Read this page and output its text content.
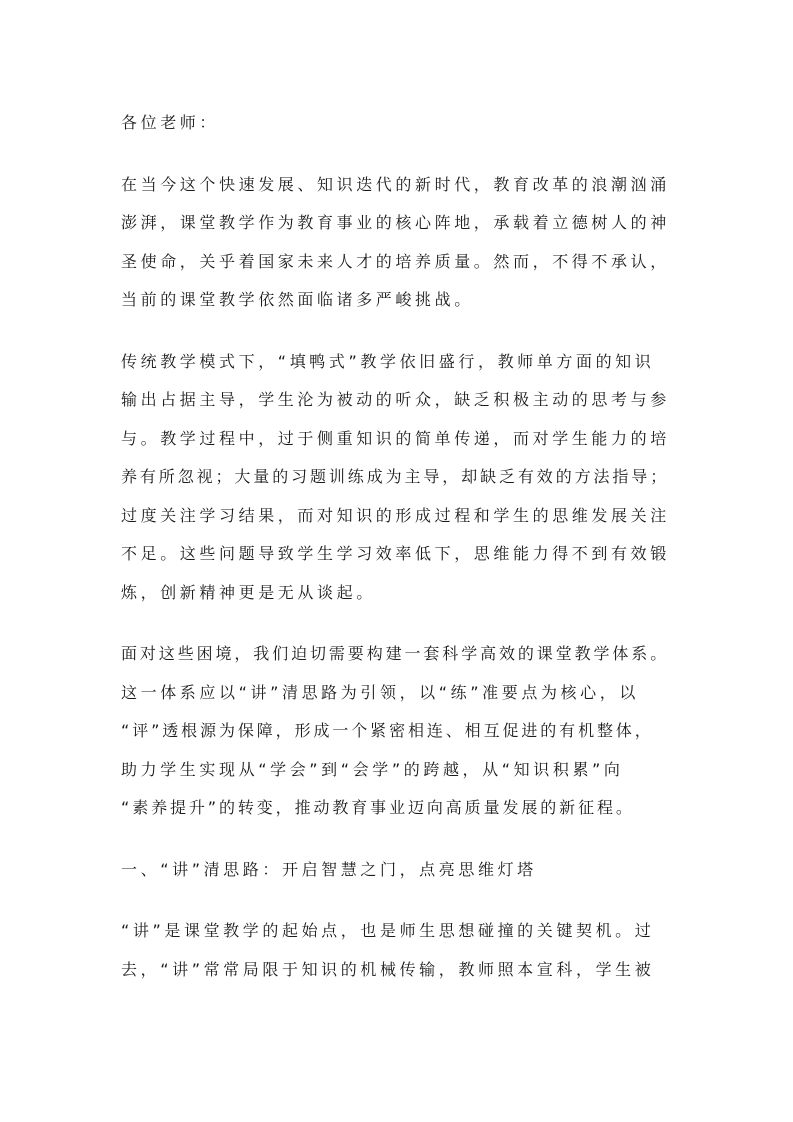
各位老师：
在当今这个快速发展、知识迭代的新时代，教育改革的浪潮汹涌
澎湃，课堂教学作为教育事业的核心阵地，承载着立德树人的神
圣使命，关乎着国家未来人才的培养质量。然而，不得不承认，
当前的课堂教学依然面临诸多严峻挑战。
传统教学模式下，“填鸭式”教学依旧盛行，教师单方面的知识
输出占据主导，学生沦为被动的听众，缺乏积极主动的思考与参
与。教学过程中，过于侧重知识的简单传递，而对学生能力的培
养有所忽视；大量的习题训练成为主导，却缺乏有效的方法指导；
过度关注学习结果，而对知识的形成过程和学生的思维发展关注
不足。这些问题导致学生学习效率低下，思维能力得不到有效锻
炼，创新精神更是无从谈起。
面对这些困境，我们迫切需要构建一套科学高效的课堂教学体系。
这一体系应以“讲”清思路为引领，以“练”准要点为核心，以
“评”透根源为保障，形成一个紧密相连、相互促进的有机整体，
助力学生实现从“学会”到“会学”的跨越，从“知识积累”向
“素养提升”的转变，推动教育事业迈向高质量发展的新征程。
一、“讲”清思路：开启智慧之门，点亮思维灯塔
“讲”是课堂教学的起始点，也是师生思想碰撞的关键契机。过
去，“讲”常常局限于知识的机械传输，教师照本宣科，学生被
